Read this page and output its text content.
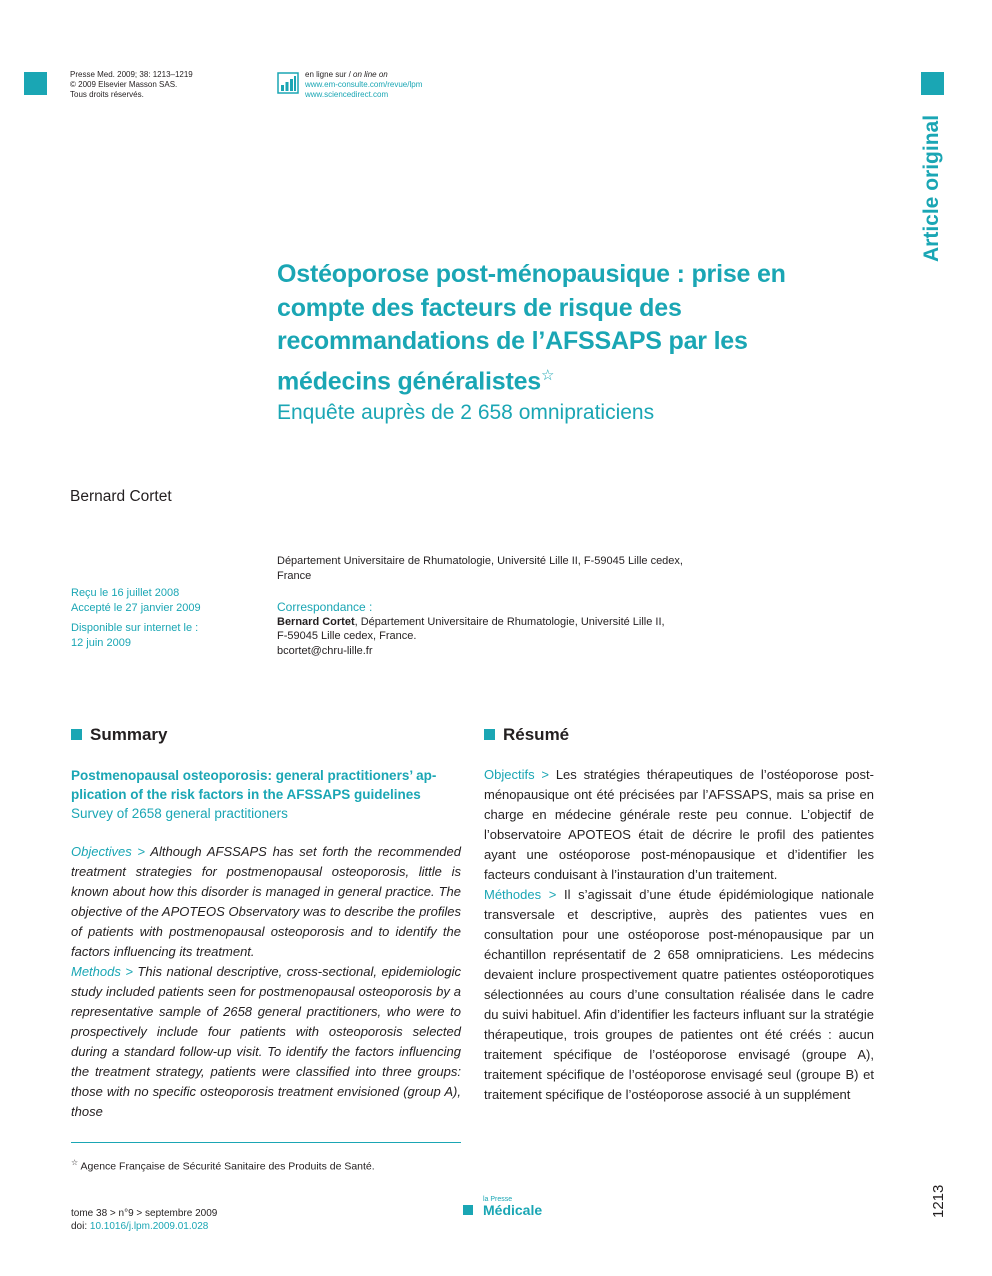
Presse Med. 2009; 38: 1213–1219
© 2009 Elsevier Masson SAS.
Tous droits réservés.
en ligne sur / on line on
www.em-consulte.com/revue/lpm
www.sciencedirect.com
Article original
1213
Ostéoporose post-ménopausique : prise en
compte des facteurs de risque des
recommandations de l’AFSSAPS par les
médecins généralistes☆
Enquête auprès de 2 658 omnipraticiens
Bernard Cortet
Département Universitaire de Rhumatologie, Université Lille II, F-59045 Lille cedex,
France
Reçu le 16 juillet 2008
Accepté le 27 janvier 2009
Disponible sur internet le :
12 juin 2009
Correspondance :
Bernard Cortet, Département Universitaire de Rhumatologie, Université Lille II,
F-59045 Lille cedex, France.
bcortet@chru-lille.fr
Summary
Postmenopausal osteoporosis: general practitioners’ ap-
plication of the risk factors in the AFSSAPS guidelines
Survey of 2658 general practitioners
Objectives > Although AFSSAPS has set forth the recommended treatment strategies for postmenopausal osteoporosis, little is known about how this disorder is managed in general practice. The objective of the APOTEOS Observatory was to describe the profiles of patients with postmenopausal osteoporosis and to identify the factors influencing its treatment.
Methods > This national descriptive, cross-sectional, epidemiologic study included patients seen for postmenopausal osteoporosis by a representative sample of 2658 general practitioners, who were to prospectively include four patients with osteoporosis selected during a standard follow-up visit. To identify the factors influencing the treatment strategy, patients were classified into three groups: those with no specific osteoporosis treatment envisioned (group A), those
Résumé
Objectifs > Les stratégies thérapeutiques de l’ostéoporose post-ménopausique ont été précisées par l’AFSSAPS, mais sa prise en charge en médecine générale reste peu connue. L’objectif de l’observatoire APOTEOS était de décrire le profil des patientes ayant une ostéoporose post-ménopausique et d’identifier les facteurs conduisant à l’instauration d’un traitement.
Méthodes > Il s’agissait d’une étude épidémiologique nationale transversale et descriptive, auprès des patientes vues en consultation pour une ostéoporose post-ménopausique par un échantillon représentatif de 2 658 omnipraticiens. Les médecins devaient inclure prospectivement quatre patientes ostéoporotiques sélectionnées au cours d’une consultation réalisée dans le cadre du suivi habituel. Afin d’identifier les facteurs influant sur la stratégie thérapeutique, trois groupes de patientes ont été créés : aucun traitement spécifique de l’ostéoporose envisagé (groupe A), traitement spécifique de l’ostéoporose envisagé seul (groupe B) et traitement spécifique de l’ostéoporose associé à un supplément
☆ Agence Française de Sécurité Sanitaire des Produits de Santé.
tome 38 > n°9 > septembre 2009
doi: 10.1016/j.lpm.2009.01.028
la Presse
Médicale
